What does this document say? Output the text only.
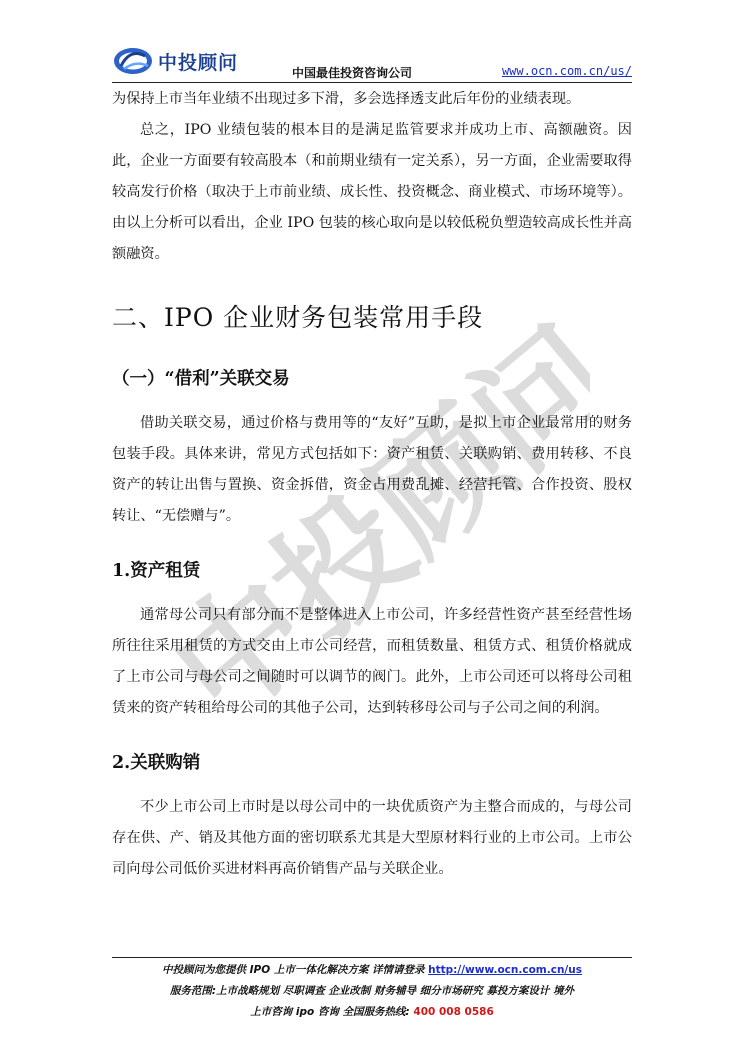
中投顾问	中国最佳投资咨询公司	www.ocn.com.cn/us/
中投顾问

为保持上市当年业绩不出现过多下滑，多会选择透支此后年份的业绩表现。

总之，IPO 业绩包装的根本目的是满足监管要求并成功上市、高额融资。因此，企业一方面要有较高股本（和前期业绩有一定关系），另一方面，企业需要取得较高发行价格（取决于上市前业绩、成长性、投资概念、商业模式、市场环境等）。由以上分析可以看出，企业 IPO 包装的核心取向是以较低税负塑造较高成长性并高额融资。

二、IPO 企业财务包装常用手段
（一）“借利”关联交易

借助关联交易，通过价格与费用等的“友好”互助，是拟上市企业最常用的财务包装手段。具体来讲，常见方式包括如下：资产租赁、关联购销、费用转移、不良资产的转让出售与置换、资金拆借，资金占用费乱摊、经营托管、合作投资、股权转让、“无偿赠与”。

1.资产租赁

通常母公司只有部分而不是整体进入上市公司，许多经营性资产甚至经营性场所往往采用租赁的方式交由上市公司经营，而租赁数量、租赁方式、租赁价格就成了上市公司与母公司之间随时可以调节的阀门。此外，上市公司还可以将母公司租赁来的资产转租给母公司的其他子公司，达到转移母公司与子公司之间的利润。

2.关联购销

不少上市公司上市时是以母公司中的一块优质资产为主整合而成的，与母公司存在供、产、销及其他方面的密切联系尤其是大型原材料行业的上市公司。上市公司向母公司低价买进材料再高价销售产品与关联企业。

中投顾问为您提供 IPO 上市一体化解决方案 详情请登录 http://www.ocn.com.cn/us
服务范围:上市战略规划 尽职调查 企业改制 财务辅导 细分市场研究 募投方案设计 境外
上市咨询 ipo 咨询 全国服务热线: 400 008 0586
